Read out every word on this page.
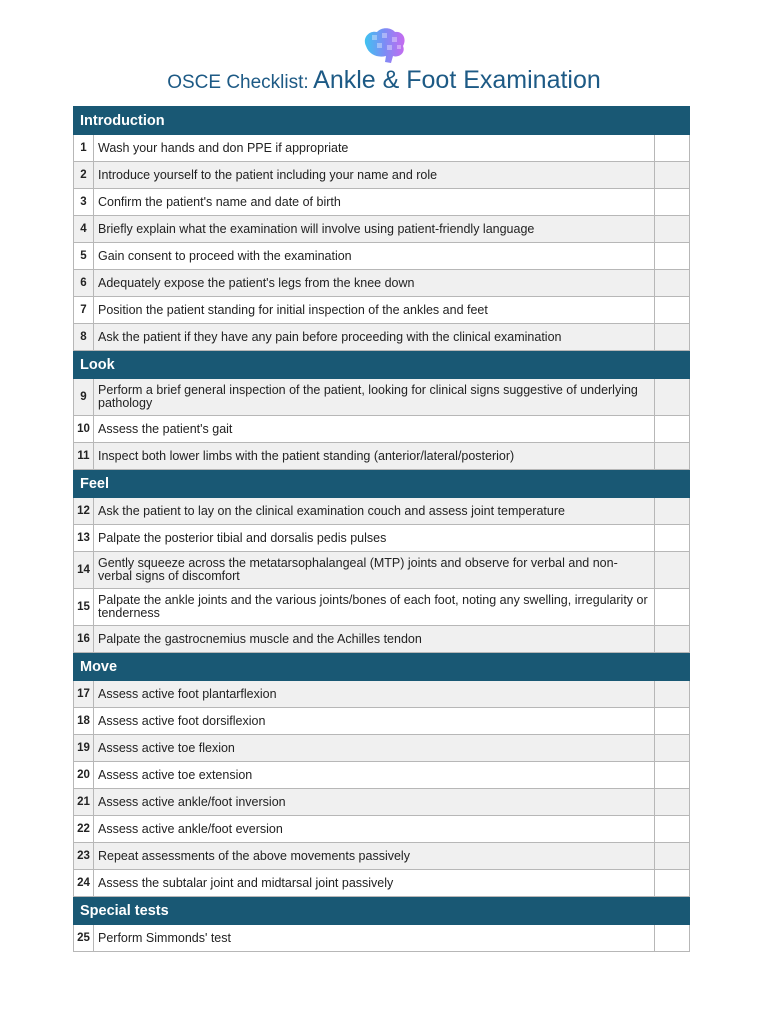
OSCE Checklist: Ankle & Foot Examination
Introduction		
1	Wash your hands and don PPE if appropriate	
2	Introduce yourself to the patient including your name and role	
3	Confirm the patient's name and date of birth	
4	Briefly explain what the examination will involve using patient-friendly language	
5	Gain consent to proceed with the examination	
6	Adequately expose the patient's legs from the knee down	
7	Position the patient standing for initial inspection of the ankles and feet	
8	Ask the patient if they have any pain before proceeding with the clinical examination	
Look		
9	Perform a brief general inspection of the patient, looking for clinical signs suggestive of underlying pathology	
10	Assess the patient's gait	
11	Inspect both lower limbs with the patient standing (anterior/lateral/posterior)	
Feel		
12	Ask the patient to lay on the clinical examination couch and assess joint temperature	
13	Palpate the posterior tibial and dorsalis pedis pulses	
14	Gently squeeze across the metatarsophalangeal (MTP) joints and observe for verbal and non-verbal signs of discomfort	
15	Palpate the ankle joints and the various joints/bones of each foot, noting any swelling, irregularity or tenderness	
16	Palpate the gastrocnemius muscle and the Achilles tendon	
Move		
17	Assess active foot plantarflexion	
18	Assess active foot dorsiflexion	
19	Assess active toe flexion	
20	Assess active toe extension	
21	Assess active ankle/foot inversion	
22	Assess active ankle/foot eversion	
23	Repeat assessments of the above movements passively	
24	Assess the subtalar joint and midtarsal joint passively	
Special tests		
25	Perform Simmonds' test	
